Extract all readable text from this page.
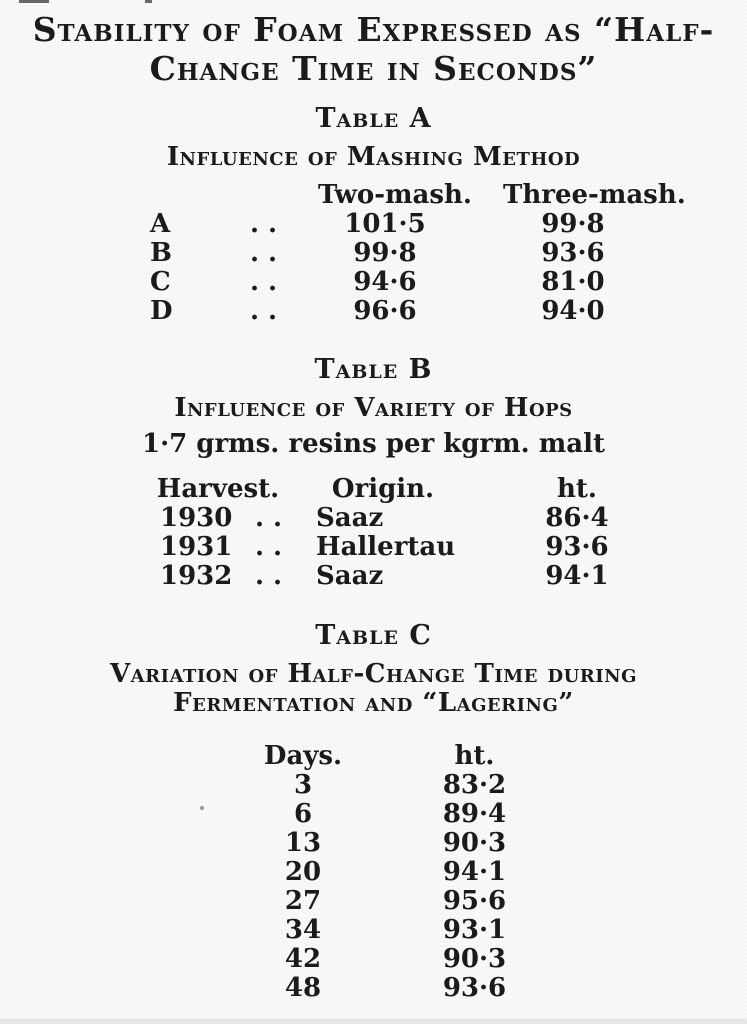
Stability of Foam Expressed as “Half-
Change Time in Seconds”
Table A
Influence of Mashing Method
Two-mash. Three-mash.
A	..	101·5	99·8
B	..	99·8	93·6
C	..	94·6	81·0
D	..	96·6	94·0
Table B
Influence of Variety of Hops
1·7 grms. resins per kgrm. malt
Harvest.	Origin.	ht.
1930 .. Saaz	86·4
1931 .. Hallertau	93·6
1932 .. Saaz	94·1
Table C
Variation of Half-Change Time during
Fermentation and “Lagering”
Days.	ht.
3	83·2
6	89·4
13	90·3
20	94·1
27	95·6
34	93·1
42	90·3
48	93·6
